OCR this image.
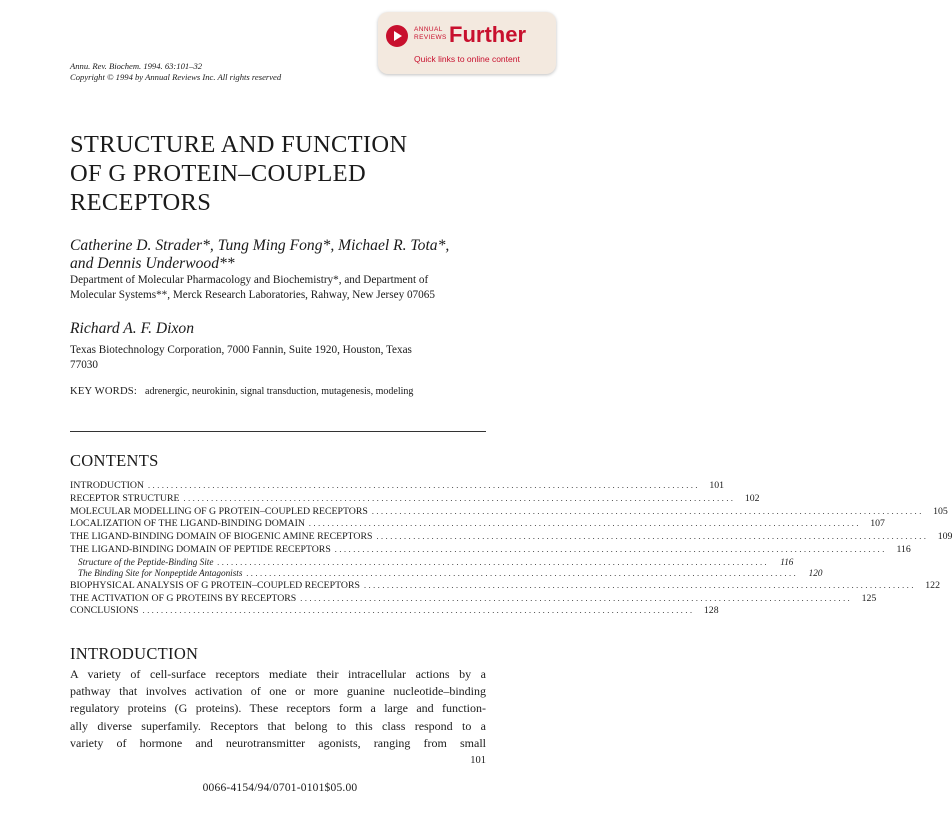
ANNUAL
REVIEWS Further
Quick links to online content
Annu. Rev. Biochem. 1994. 63:101–32
Copyright © 1994 by Annual Reviews Inc. All rights reserved
STRUCTURE AND FUNCTION
OF G PROTEIN–COUPLED
RECEPTORS
Catherine D. Strader*, Tung Ming Fong*, Michael R. Tota*,
and Dennis Underwood**
Department of Molecular Pharmacology and Biochemistry*, and Department of
Molecular Systems**, Merck Research Laboratories, Rahway, New Jersey 07065
Richard A. F. Dixon
Texas Biotechnology Corporation, 7000 Fannin, Suite 1920, Houston, Texas
77030
KEY WORDS: adrenergic, neurokinin, signal transduction, mutagenesis, modeling
CONTENTS
INTRODUCTION ........................................................................................................................ 101
RECEPTOR STRUCTURE ........................................................................................................................ 102
MOLECULAR MODELLING OF G PROTEIN–COUPLED RECEPTORS ........................................................................................................................ 105
LOCALIZATION OF THE LIGAND-BINDING DOMAIN ........................................................................................................................ 107
THE LIGAND-BINDING DOMAIN OF BIOGENIC AMINE RECEPTORS ........................................................................................................................ 109
THE LIGAND-BINDING DOMAIN OF PEPTIDE RECEPTORS ........................................................................................................................ 116
Structure of the Peptide-Binding Site ........................................................................................................................	116
The Binding Site for Nonpeptide Antagonists ........................................................................................................................	120
BIOPHYSICAL ANALYSIS OF G PROTEIN–COUPLED RECEPTORS ........................................................................................................................ 122
THE ACTIVATION OF G PROTEINS BY RECEPTORS ........................................................................................................................ 125
CONCLUSIONS ........................................................................................................................ 128
INTRODUCTION
A variety of cell-surface receptors mediate their intracellular actions by a
pathway that involves activation of one or more guanine nucleotide–binding
regulatory proteins (G proteins). These receptors form a large and function-
ally diverse superfamily. Receptors that belong to this class respond to a
variety of hormone and neurotransmitter agonists, ranging from small
101
0066-4154/94/0701-0101$05.00
